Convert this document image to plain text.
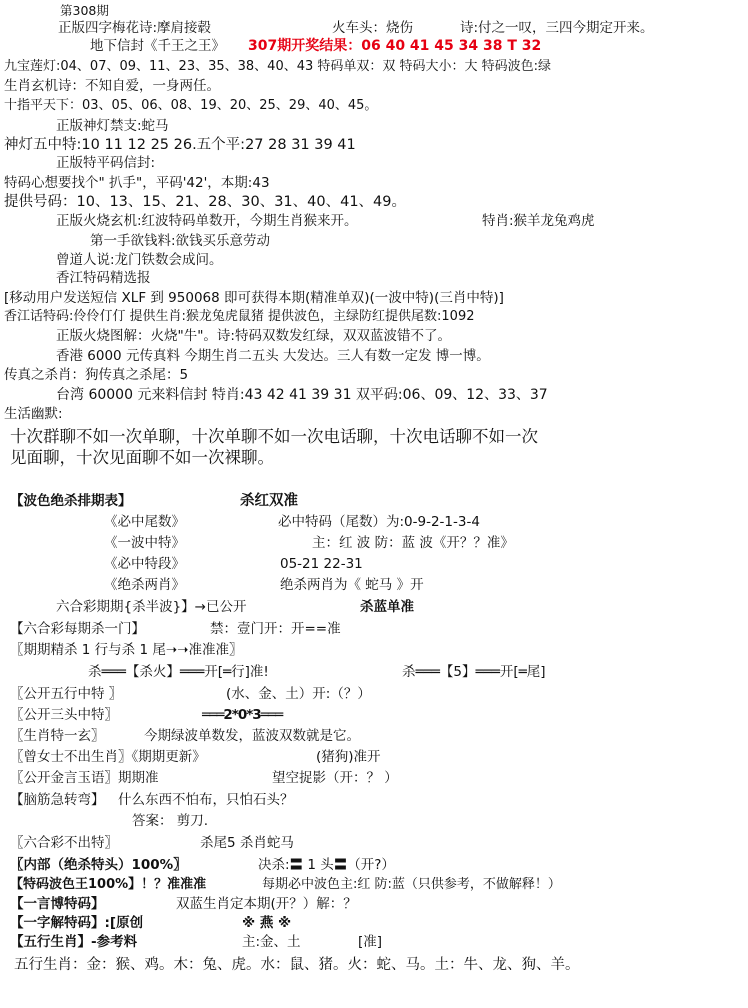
第308期
正版四字梅花诗:摩肩接毂	火车头：烧伤	诗:付之一叹，三四今期定开来。
地下信封《千王之王》 307期开奖结果：06 40 41 45 34 38 T 32
九宝莲灯:04、07、09、11、23、35、38、40、43 特码单双：双 特码大小：大 特码波色:绿
生肖玄机诗：不知自爱，一身两任。
十指平天下：03、05、06、08、19、20、25、29、40、45。
正版神灯禁支:蛇马
神灯五中特:10 11 12 25 26.五个平:27 28 31 39 41
正版特平码信封:
特码心想要找个" 扒手"，平码'42'，本期:43
提供号码：10、13、15、21、28、30、31、40、41、49。
正版火烧玄机:红波特码单数开，今期生肖猴来开。	特肖:猴羊龙兔鸡虎
第一手欲钱料:欲钱买乐意劳动
曾道人说:龙门铁数会成问。
香江特码精选报
[移动用户发送短信 XLF 到 950068 即可获得本期(精准单双)(一波中特)(三肖中特)]
香江话特码:伶伶仃仃 提供生肖:猴龙兔虎鼠猪 提供波色，主绿防红提供尾数:1092
正版火烧图解：火烧"牛"。诗:特码双数发红绿，双双蓝波错不了。
香港 6000 元传真料 今期生肖二五头 大发达。三人有数一定发 博一博。
传真之杀肖：狗传真之杀尾：5
台湾 60000 元来料信封 特肖:43 42 41 39 31 双平码:06、09、12、33、37
生活幽默:
十次群聊不如一次单聊，十次单聊不如一次电话聊，十次电话聊不如一次
见面聊，十次见面聊不如一次裸聊。
【波色绝杀排期表】	杀红双准
《必中尾数》	必中特码（尾数）为:0-9-2-1-3-4
《一波中特》	主：红 波 防：蓝 波《开？？准》
《必中特段》	05-21 22-31
《绝杀两肖》	绝杀两肖为《 蛇马 》开
六合彩期期{杀半波}】→已公开	杀蓝单准
【六合彩每期杀一门】	禁：壹门开：开==准
〖期期精杀 1 行与杀 1 尾➝➝准准准〗
杀═══【杀火】═══开[═行]准!	杀═══【5】═══开[═尾]
〖公开五行中特 〗	(水、金、土）开:（？）
〖公开三头中特〗	═══2*0*3═══
〖生肖特一玄〗	今期绿波单数发，蓝波双数就是它。
〖曾女士不出生肖〗《期期更新》	(猪狗)准开
〖公开金言玉语〗期期准	望空捉影（开：？ ）
【脑筋急转弯】 什么东西不怕布，只怕石头？
答案： 剪刀.
〖六合彩不出特〗	杀尾5 杀肖蛇马
〖内部（绝杀特头）100%〗	决杀:〓 1 头〓（开?）
【特码波色王100%】！？准准准	每期必中波色主:红 防:蓝（只供参考，不做解释！）
【一言博特码】	双蓝生肖定本期(开？）解：？
【一字解特码】:[原创	※ 燕 ※
【五行生肖】-参考料	主:金、土	[准]
五行生肖：金：猴、鸡。木：兔、虎。水：鼠、猪。火：蛇、马。土：牛、龙、狗、羊。
